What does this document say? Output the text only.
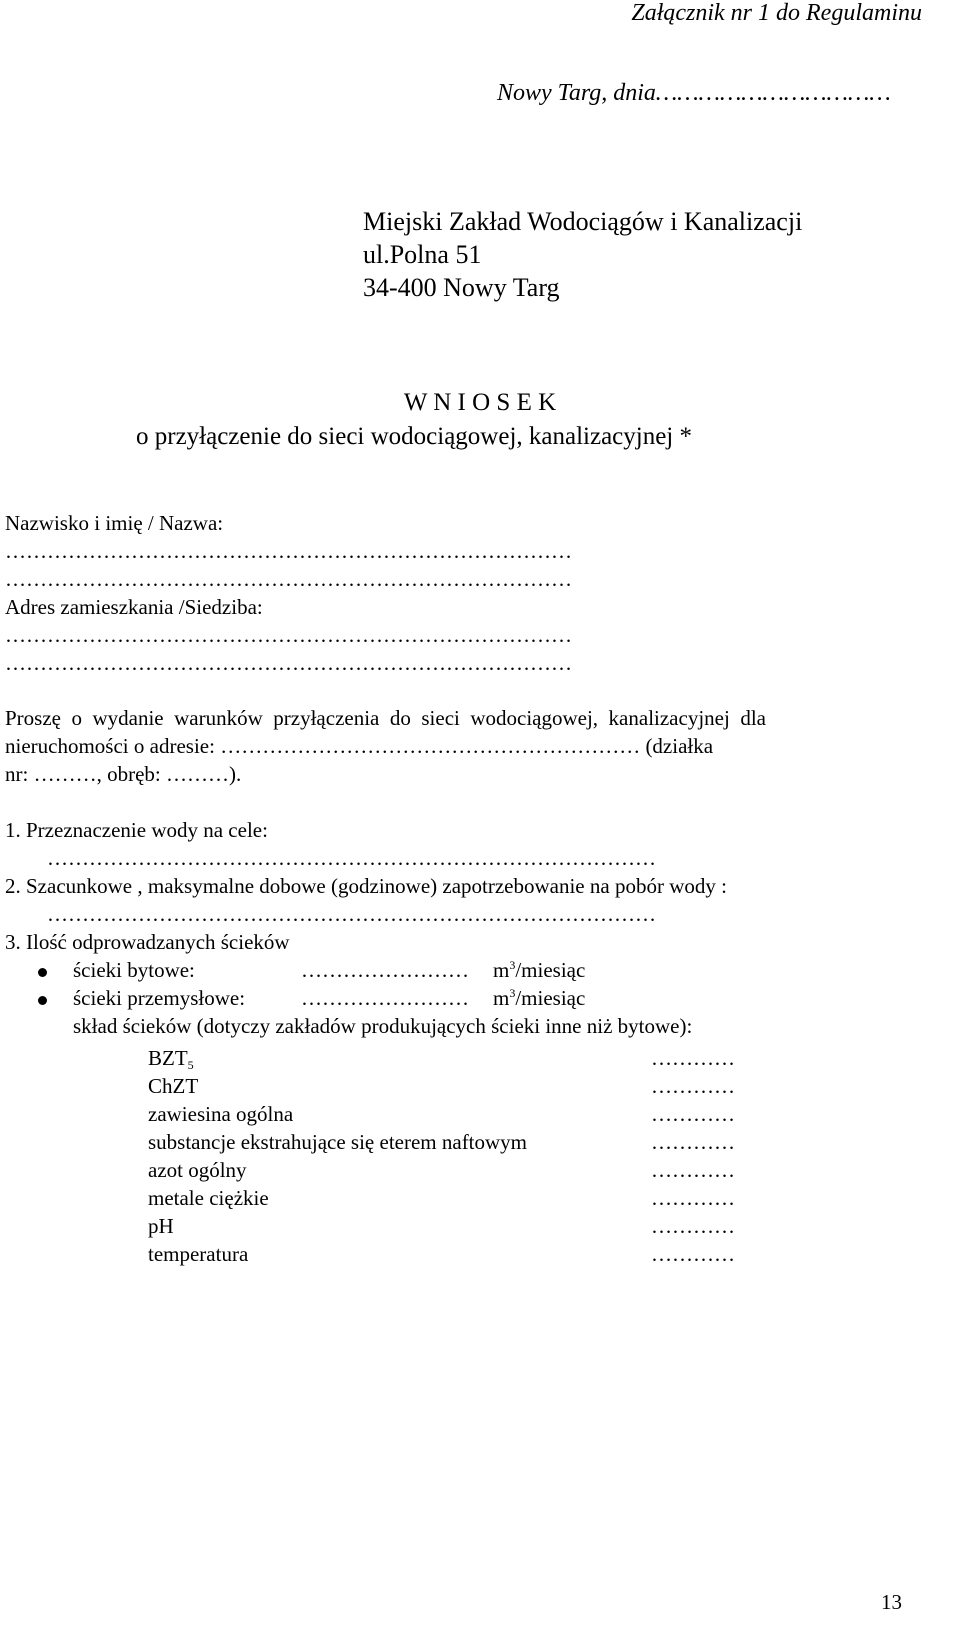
Załącznik nr 1 do Regulaminu
Nowy Targ, dnia……………………………
Miejski Zakład Wodociągów i Kanalizacji
ul.Polna 51
34-400 Nowy Targ
W N I O S E K
o przyłączenie do sieci wodociągowej, kanalizacyjnej *
Nazwisko i imię / Nazwa:
………………………………………………………………………
………………………………………………………………………
Adres zamieszkania /Siedziba:
………………………………………………………………………
………………………………………………………………………
Proszę  o  wydanie  warunków  przyłączenia  do  sieci  wodociągowej,  kanalizacyjnej  dla
nieruchomości o adresie: …………………………………………………… (działka
nr: ………, obręb: ………).
1. Przeznaczenie wody na cele:
……………………………………………………………………………
2. Szacunkowe , maksymalne dobowe (godzinowe) zapotrzebowanie na pobór wody :
……………………………………………………………………………
3. Ilość odprowadzanych ścieków
ścieki bytowe:	…………………… $m^3$/miesiąc
ścieki przemysłowe:	…………………… $m^3$/miesiąc
skład ścieków (dotyczy zakładów produkujących ścieki inne niż bytowe):
$BZT_5$	…………
ChZT	…………
zawiesina ogólna	…………
substancje ekstrahujące się eterem naftowym	…………
azot ogólny	…………
metale ciężkie	…………
pH	…………
temperatura	…………
13
